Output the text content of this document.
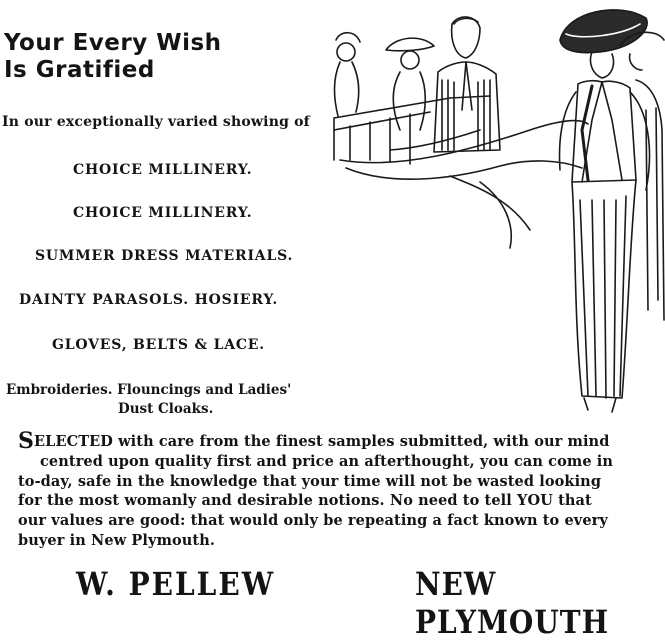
Your Every Wish
Is Gratified
In our exceptionally varied showing of
CHOICE MILLINERY.
CHOICE MILLINERY.
SUMMER DRESS MATERIALS.
DAINTY PARASOLS. HOSIERY.
GLOVES, BELTS & LACE.
Embroideries. Flouncings and Ladies'
Dust Cloaks.
SELECTED with care from the finest samples submitted, with our mind
centred upon quality first and price an afterthought, you can come in
to-day, safe in the knowledge that your time will not be wasted looking
for the most womanly and desirable notions. No need to tell YOU that
our values are good: that would only be repeating a fact known to every
buyer in New Plymouth.
W. PELLEW	NEW PLYMOUTH
